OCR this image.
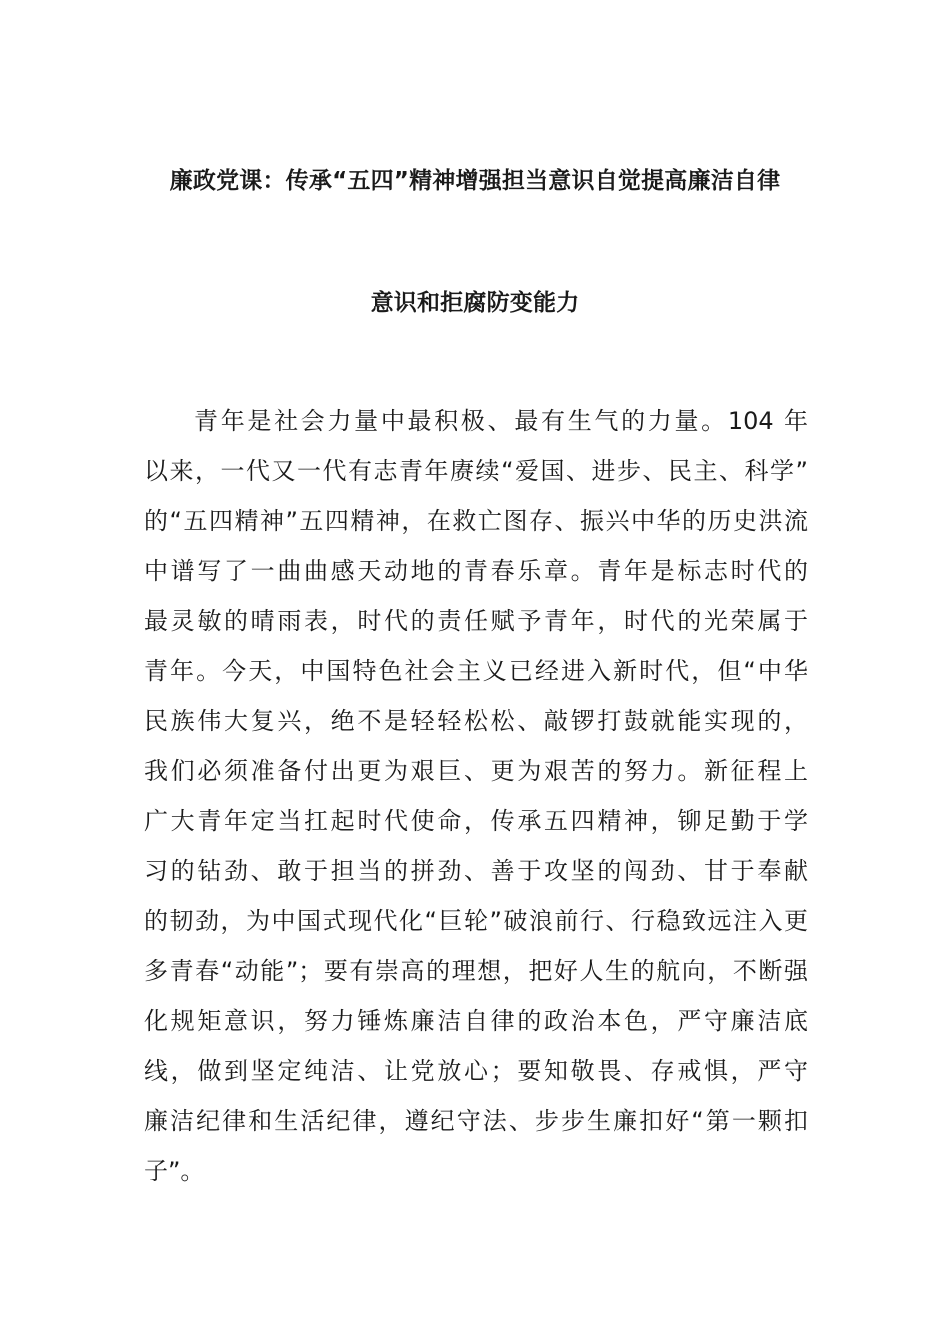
廉政党课：传承“五四”精神增强担当意识自觉提高廉洁自律
意识和拒腐防变能力
青年是社会力量中最积极、最有生气的力量。104 年
以来，一代又一代有志青年赓续“爱国、进步、民主、科学”
的“五四精神”五四精神，在救亡图存、振兴中华的历史洪流
中谱写了一曲曲感天动地的青春乐章。青年是标志时代的
最灵敏的晴雨表，时代的责任赋予青年，时代的光荣属于
青年。今天，中国特色社会主义已经进入新时代，但“中华
民族伟大复兴，绝不是轻轻松松、敲锣打鼓就能实现的，
我们必须准备付出更为艰巨、更为艰苦的努力。新征程上
广大青年定当扛起时代使命，传承五四精神，铆足勤于学
习的钻劲、敢于担当的拼劲、善于攻坚的闯劲、甘于奉献
的韧劲，为中国式现代化“巨轮”破浪前行、行稳致远注入更
多青春“动能”；要有崇高的理想，把好人生的航向，不断强
化规矩意识，努力锤炼廉洁自律的政治本色，严守廉洁底
线，做到坚定纯洁、让党放心；要知敬畏、存戒惧，严守
廉洁纪律和生活纪律，遵纪守法、步步生廉扣好“第一颗扣
子”。
